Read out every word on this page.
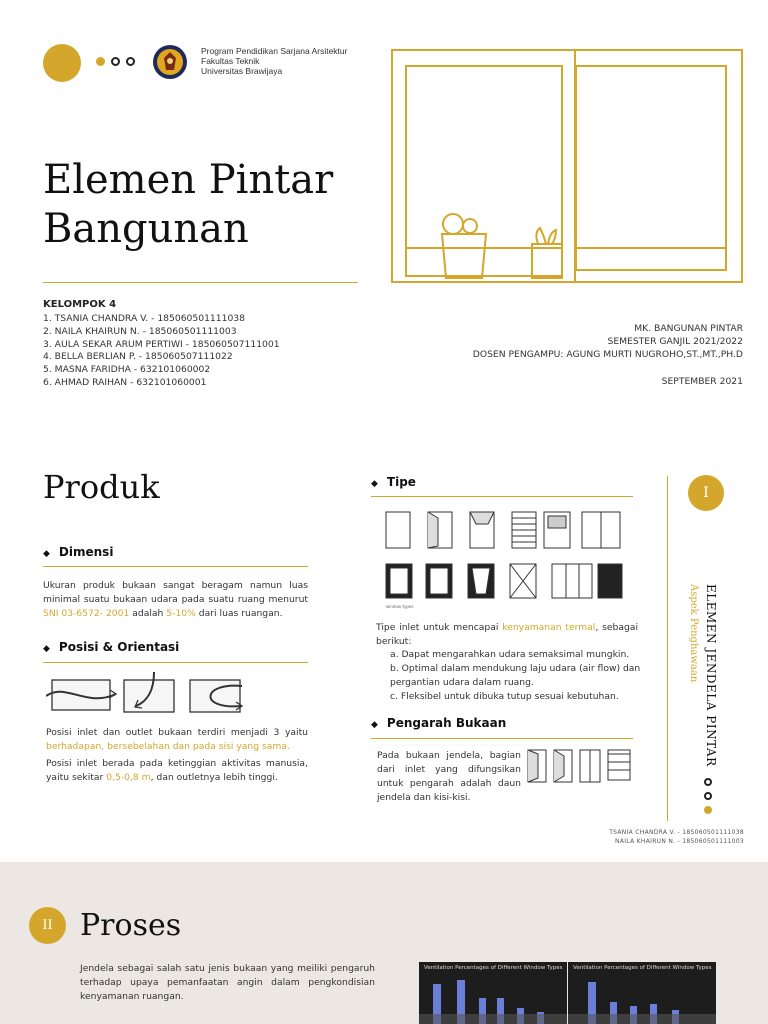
Program Pendidikan Sarjana Arsitektur
Fakultas Teknik
Universitas Brawijaya
Elemen Pintar
Bangunan
KELOMPOK 4
1. TSANIA CHANDRA V. - 185060501111038
2. NAILA KHAIRUN N. - 185060501111003
3. AULA SEKAR ARUM PERTIWI - 185060507111001
4. BELLA BERLIAN P. - 185060507111022
5. MASNA FARIDHA - 632101060002
6. AHMAD RAIHAN - 632101060001
MK. BANGUNAN PINTAR
SEMESTER GANJIL 2021/2022
DOSEN PENGAMPU: AGUNG MURTI NUGROHO,ST.,MT.,PH.D
SEPTEMBER 2021
Produk
◆ Dimensi
Ukuran produk bukaan sangat beragam namun luas minimal suatu bukaan udara pada suatu ruang menurut SNI 03-6572- 2001 adalah 5-10% dari luas ruangan.
◆ Posisi & Orientasi
Posisi inlet dan outlet bukaan terdiri menjadi 3 yaitu berhadapan, bersebelahan dan pada sisi yang sama.
Posisi inlet berada pada ketinggian aktivitas manusia, yaitu sekitar 0,5-0,8 m, dan outletnya lebih tinggi.
◆ Tipe
window types
Tipe inlet untuk mencapai kenyamanan termal, sebagai berikut:
a. Dapat mengarahkan udara semaksimal mungkin.
b. Optimal dalam mendukung laju udara (air flow) dan pergantian udara dalam ruang.
c. Fleksibel untuk dibuka tutup sesuai kebutuhan.
◆ Pengarah Bukaan
Pada bukaan jendela, bagian dari inlet yang difungsikan untuk pengarah adalah daun jendela dan kisi-kisi.
I
ELEMEN JENDELA PINTAR
Aspek Penghawaan
TSANIA CHANDRA V. - 185060501111038
NAILA KHAIRUN N. - 185060501111003
II Proses
Jendela sebagai salah satu jenis bukaan yang meiliki pengaruh terhadap upaya pemanfaatan angin dalam pengkondisian kenyamanan ruangan.
Ventilation Percentages of Different Window Types Ventilation Percentages of Different Window Types
